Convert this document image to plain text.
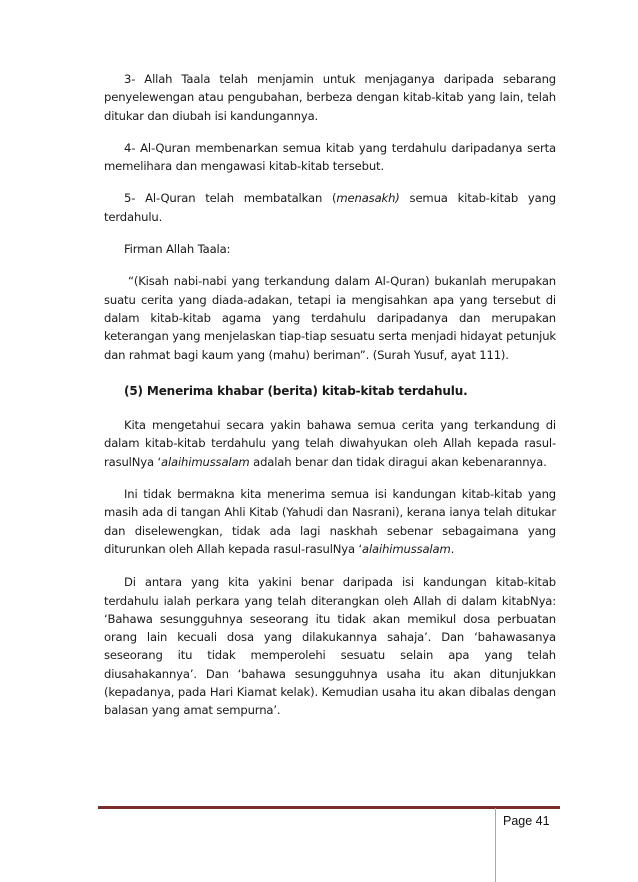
3- Allah Taala telah menjamin untuk menjaganya daripada sebarang penyelewengan atau pengubahan, berbeza dengan kitab-kitab yang lain, telah ditukar dan diubah isi kandungannya.

4- Al-Quran membenarkan semua kitab yang terdahulu daripadanya serta memelihara dan mengawasi kitab-kitab tersebut.

5- Al-Quran telah membatalkan (menasakh) semua kitab-kitab yang terdahulu.

Firman Allah Taala:

“(Kisah nabi-nabi yang terkandung dalam Al-Quran) bukanlah merupakan suatu cerita yang diada-adakan, tetapi ia mengisahkan apa yang tersebut di dalam kitab-kitab agama yang terdahulu daripadanya dan merupakan keterangan yang menjelaskan tiap-tiap sesuatu serta menjadi hidayat petunjuk dan rahmat bagi kaum yang (mahu) beriman”. (Surah Yusuf, ayat 111).

(5) Menerima khabar (berita) kitab-kitab terdahulu.

Kita mengetahui secara yakin bahawa semua cerita yang terkandung di dalam kitab-kitab terdahulu yang telah diwahyukan oleh Allah kepada rasul-rasulNya ‘alaihimussalam adalah benar dan tidak diragui akan kebenarannya.

Ini tidak bermakna kita menerima semua isi kandungan kitab-kitab yang masih ada di tangan Ahli Kitab (Yahudi dan Nasrani), kerana ianya telah ditukar dan diselewengkan, tidak ada lagi naskhah sebenar sebagaimana yang diturunkan oleh Allah kepada rasul-rasulNya ‘alaihimussalam.

Di antara yang kita yakini benar daripada isi kandungan kitab-kitab terdahulu ialah perkara yang telah diterangkan oleh Allah di dalam kitabNya: ‘Bahawa sesungguhnya seseorang itu tidak akan memikul dosa perbuatan orang lain kecuali dosa yang dilakukannya sahaja’. Dan ‘bahawasanya seseorang itu tidak memperolehi sesuatu selain apa yang telah diusahakannya’. Dan ‘bahawa sesungguhnya usaha itu akan ditunjukkan (kepadanya, pada Hari Kiamat kelak). Kemudian usaha itu akan dibalas dengan balasan yang amat sempurna’.

Page 41
